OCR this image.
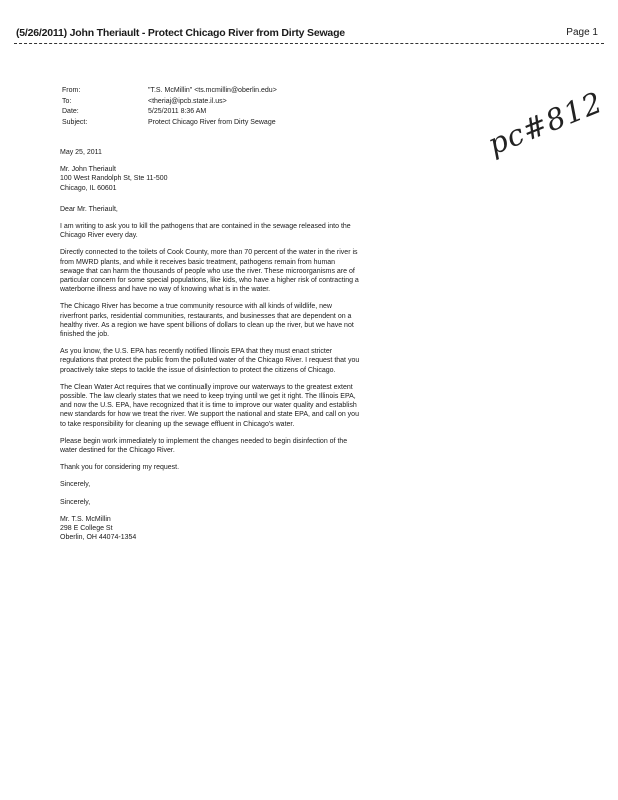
(5/26/2011) John Theriault - Protect Chicago River from Dirty Sewage	Page 1
From:	"T.S. McMillin" <ts.mcmillin@oberlin.edu>
To:	<theriaj@ipcb.state.il.us>
Date:	5/25/2011 8:36 AM
Subject:	Protect Chicago River from Dirty Sewage	pc#812

May 25, 2011

Mr. John Theriault
100 West Randolph St, Ste 11-500
Chicago, IL 60601

Dear Mr. Theriault,

I am writing to ask you to kill the pathogens that are contained in the sewage released into the Chicago River every day.

Directly connected to the toilets of Cook County, more than 70 percent of the water in the river is from MWRD plants, and while it receives basic treatment, pathogens remain from human sewage that can harm the thousands of people who use the river. These microorganisms are of particular concern for some special populations, like kids, who have a higher risk of contracting a waterborne illness and have no way of knowing what is in the water.

The Chicago River has become a true community resource with all kinds of wildlife, new riverfront parks, residential communities, restaurants, and businesses that are dependent on a healthy river. As a region we have spent billions of dollars to clean up the river, but we have not finished the job.

As you know, the U.S. EPA has recently notified Illinois EPA that they must enact stricter regulations that protect the public from the polluted water of the Chicago River. I request that you proactively take steps to tackle the issue of disinfection to protect the citizens of Chicago.

The Clean Water Act requires that we continually improve our waterways to the greatest extent possible. The law clearly states that we need to keep trying until we get it right. The Illinois EPA, and now the U.S. EPA, have recognized that it is time to improve our water quality and establish new standards for how we treat the river. We support the national and state EPA, and call on you to take responsibility for cleaning up the sewage effluent in Chicago's water.

Please begin work immediately to implement the changes needed to begin disinfection of the water destined for the Chicago River.

Thank you for considering my request.

Sincerely,

Sincerely,

Mr. T.S. McMillin
298 E College St
Oberlin, OH 44074-1354
